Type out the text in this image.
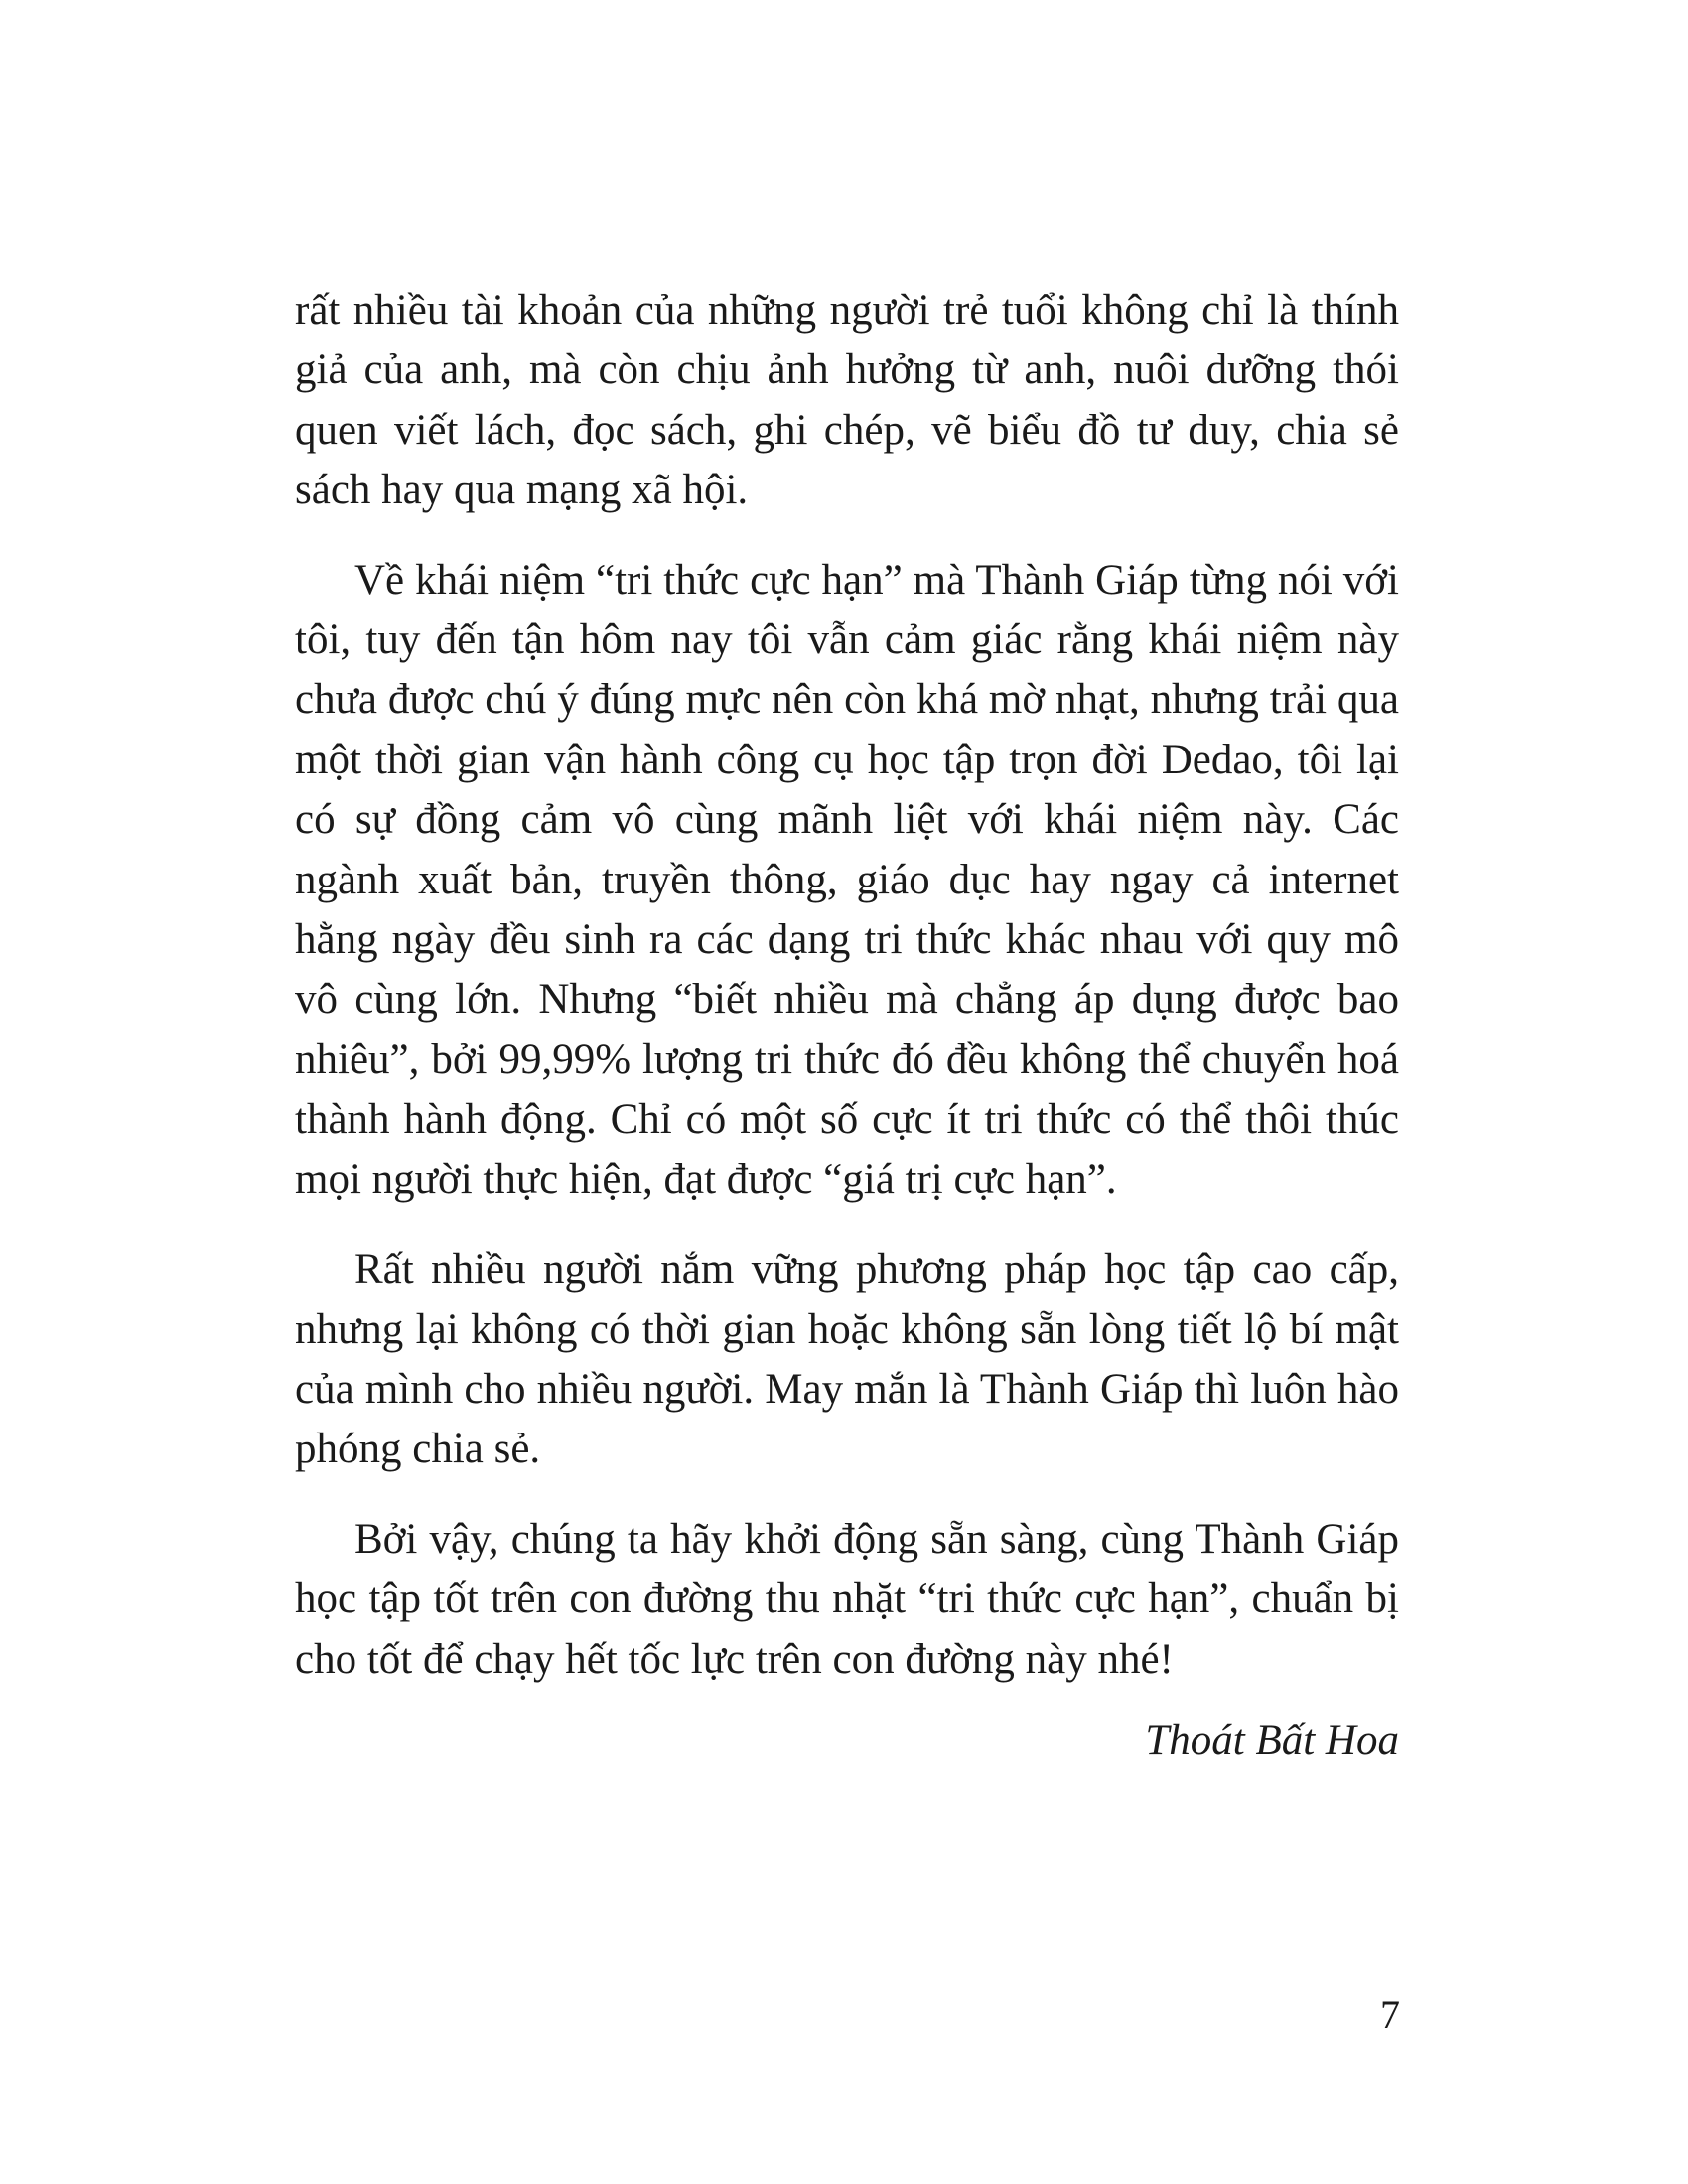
rất nhiều tài khoản của những người trẻ tuổi không chỉ là thính giả của anh, mà còn chịu ảnh hưởng từ anh, nuôi dưỡng thói quen viết lách, đọc sách, ghi chép, vẽ biểu đồ tư duy, chia sẻ sách hay qua mạng xã hội.

Về khái niệm “tri thức cực hạn” mà Thành Giáp từng nói với tôi, tuy đến tận hôm nay tôi vẫn cảm giác rằng khái niệm này chưa được chú ý đúng mực nên còn khá mờ nhạt, nhưng trải qua một thời gian vận hành công cụ học tập trọn đời Dedao, tôi lại có sự đồng cảm vô cùng mãnh liệt với khái niệm này. Các ngành xuất bản, truyền thông, giáo dục hay ngay cả internet hằng ngày đều sinh ra các dạng tri thức khác nhau với quy mô vô cùng lớn. Nhưng “biết nhiều mà chẳng áp dụng được bao nhiêu”, bởi 99,99% lượng tri thức đó đều không thể chuyển hoá thành hành động. Chỉ có một số cực ít tri thức có thể thôi thúc mọi người thực hiện, đạt được “giá trị cực hạn”.

Rất nhiều người nắm vững phương pháp học tập cao cấp, nhưng lại không có thời gian hoặc không sẵn lòng tiết lộ bí mật của mình cho nhiều người. May mắn là Thành Giáp thì luôn hào phóng chia sẻ.

Bởi vậy, chúng ta hãy khởi động sẵn sàng, cùng Thành Giáp học tập tốt trên con đường thu nhặt “tri thức cực hạn”, chuẩn bị cho tốt để chạy hết tốc lực trên con đường này nhé!

Thoát Bất Hoa

7
